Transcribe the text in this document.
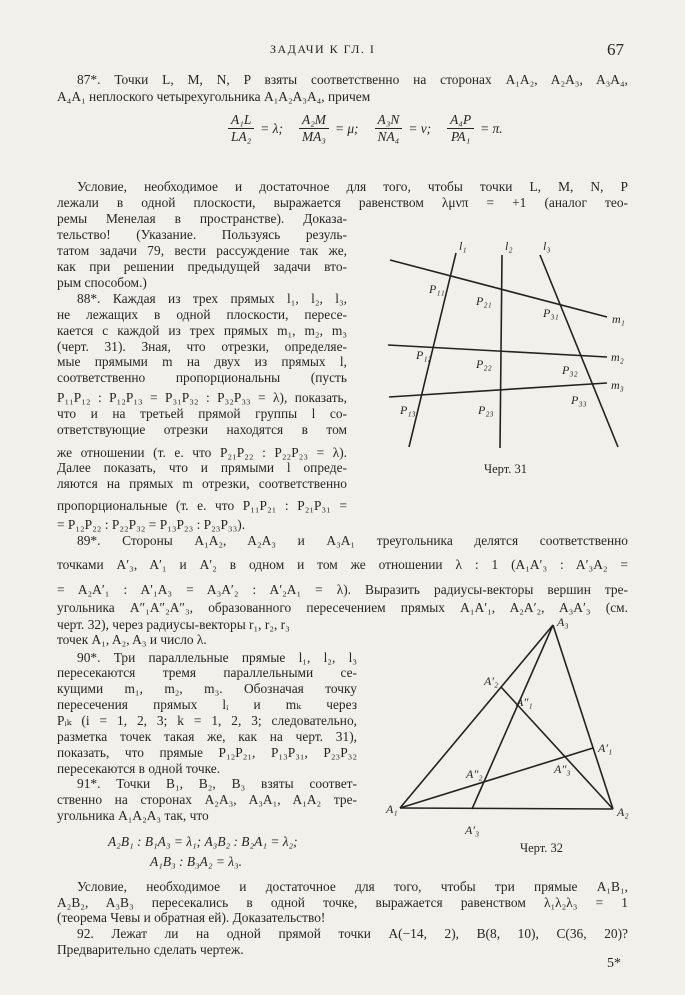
ЗАДАЧИ К ГЛ. I	67
5*
$\frac{\text{A₁L}}{\text{LA₂}} = \lambda$; $\frac{\text{A₂M}}{\text{MA₃}} = \mu$; $\frac{\text{A₃N}}{\text{NA₄}} = \nu$; $\frac{\text{A₄P}}{\text{PA₁}} = \pi$.
87*. Точки L, M, N, P взяты соответственно на сторонах A₁A₂, A₂A₃, A₃A₄,
A₄A₁ неплоского четырехугольника A₁A₂A₃A₄, причем
Условие, необходимое и достаточное для того, чтобы точки L, M, N, P
лежали в одной плоскости, выражается равенством λμνπ = +1 (аналог тео-
ремы Менелая в пространстве). Доказа-
тельство! (Указание. Пользуясь резуль-
татом задачи 79, вести рассуждение так же,
как при решении предыдущей задачи вто-
рым способом.)
88*. Каждая из трех прямых l₁, l₂, l₃,
не лежащих в одной плоскости, пересе-
кается с каждой из трех прямых m₁, m₂, m₃
(черт. 31). Зная, что отрезки, определяе-
мые прямыми m на двух из прямых l,
соответственно пропорциональны (пусть
P₁₁P₁₂ : P₁₂P₁₃ = P₃₁P₃₂ : P₃₂P₃₃ = λ), показать,
что и на третьей прямой группы l со-
ответствующие отрезки находятся в том
же отношении (т. е. что P₂₁P₂₂ : P₂₂P₂₃ = λ).
Далее показать, что и прямыми l опреде-
ляются на прямых m отрезки, соответственно
пропорциональные (т. е. что P₁₁P₂₁ : P₂₁P₃₁ =
= P₁₂P₂₂ : P₂₂P₃₂ = P₁₃P₂₃ : P₂₃P₃₃).
89*. Стороны A₁A₂, A₂A₃ и A₃A₁ треугольника делятся соответственно
точками A′₃, A′₁ и A′₂ в одном и том же отношении λ : 1 (A₁A′₃ : A′₃A₂ =
= A₂A′₁ : A′₁A₃ = A₃A′₂ : A′₂A₁ = λ). Выразить радиусы-векторы вершин тре-
угольника A″₁A″₂A″₃, образованного пересечением прямых A₁A′₁, A₂A′₂, A₃A′₃ (см.
черт. 32), через радиусы-векторы r₁, r₂, r₃
точек A₁, A₂, A₃ и число λ.
90*. Три параллельные прямые l₁, l₂, l₃
пересекаются тремя параллельными се-
кущими m₁, m₂, m₃. Обозначая точку
пересечения прямых lᵢ и mₖ через
Pᵢₖ (i = 1, 2, 3; k = 1, 2, 3; следовательно,
разметка точек такая же, как на черт. 31),
показать, что прямые P₁₂P₂₁, P₁₃P₃₁, P₂₃P₃₂
пересекаются в одной точке.
91*. Точки B₁, B₂, B₃ взяты соответ-
ственно на сторонах A₂A₃, A₃A₁, A₁A₂ тре-
угольника A₁A₂A₃ так, что
A₂B₁ : B₁A₃ = λ₁; A₃B₂ : B₂A₁ = λ₂;
A₁B₃ : B₃A₂ = λ₃.
Условие, необходимое и достаточное для того, чтобы три прямые A₁B₁,
A₂B₂, A₃B₃ пересекались в одной точке, выражается равенством λ₁λ₂λ₃ = 1
(теорема Чевы и обратная ей). Доказательство!
92. Лежат ли на одной прямой точки A(−14, 2), B(8, 10), C(36, 20)?
Предварительно сделать чертеж.
l₁	l₂	l₃
P₁₁
P₂₁
P₃₁	m₁
P₁₂
P₂₂	P₃₂
m₂
m₃
P₃₃
P₁₃	P₂₃
Черт. 31
A₃
A′₂
A″₁
A′₁
A″₃
A″₂
A₁	A₂
A′₃
Черт. 32
